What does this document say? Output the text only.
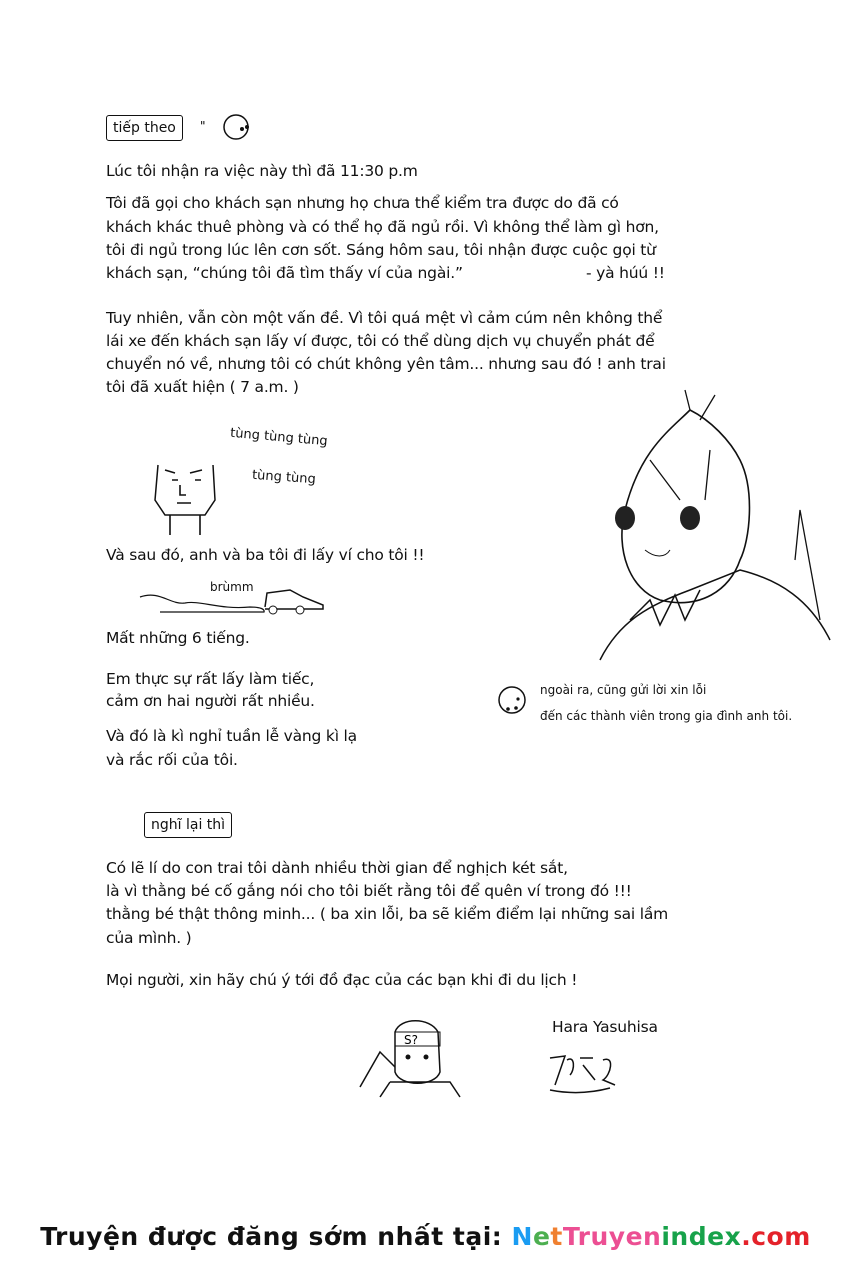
tiếp theo	"
Lúc tôi nhận ra việc này thì đã 11:30 p.m
Tôi đã gọi cho khách sạn nhưng họ chưa thể kiểm tra được do đã có
khách khác thuê phòng và có thể họ đã ngủ rồi. Vì không thể làm gì hơn,
tôi đi ngủ trong lúc lên cơn sốt. Sáng hôm sau, tôi nhận được cuộc gọi từ
khách sạn, “chúng tôi đã tìm thấy ví của ngài.”	- yà húú !!
Tuy nhiên, vẫn còn một vấn đề. Vì tôi quá mệt vì cảm cúm nên không thể
lái xe đến khách sạn lấy ví được, tôi có thể dùng dịch vụ chuyển phát để
chuyển nó về, nhưng tôi có chút không yên tâm... nhưng sau đó ! anh trai
tôi đã xuất hiện ( 7 a.m. )
tùng tùng tùng
tùng tùng
Và sau đó, anh và ba tôi đi lấy ví cho tôi !!
brùmm
Mất những 6 tiếng.
Em thực sự rất lấy làm tiếc,
cảm ơn hai người rất nhiều.
Và đó là kì nghỉ tuần lễ vàng kì lạ
và rắc rối của tôi.
ngoài ra, cũng gửi lời xin lỗi
đến các thành viên trong gia đình anh tôi.
nghĩ lại thì
Có lẽ lí do con trai tôi dành nhiều thời gian để nghịch két sắt,
là vì thằng bé cố gắng nói cho tôi biết rằng tôi để quên ví trong đó !!!
thằng bé thật thông minh... ( ba xin lỗi, ba sẽ kiểm điểm lại những sai lầm
của mình. )
Mọi người, xin hãy chú ý tới đồ đạc của các bạn khi đi du lịch !
S?
Hara Yasuhisa
Truyện được đăng sớm nhất tại: NetTruyenindex.com
